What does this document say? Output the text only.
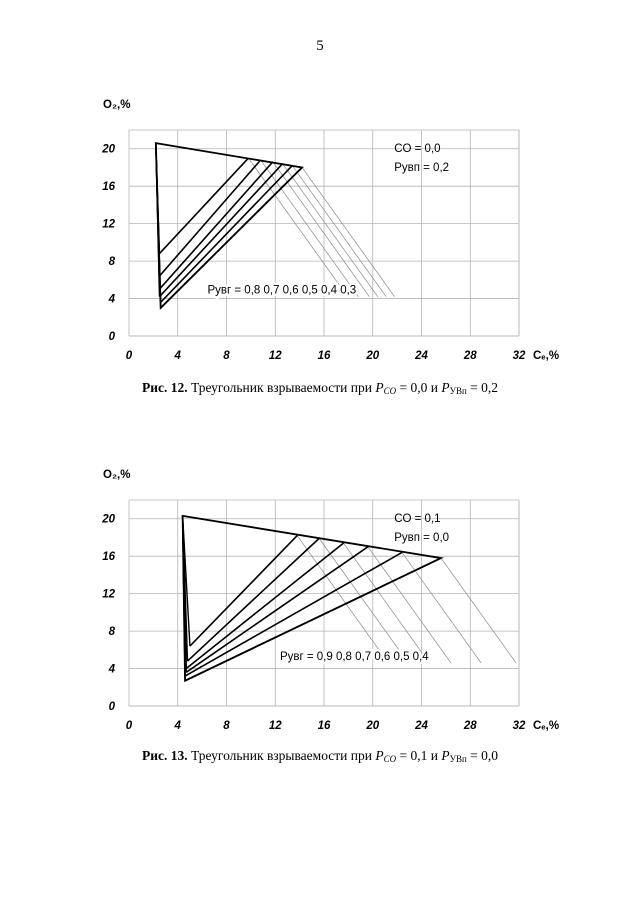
5
0
4
8
12
16
20
0	4	8	12	16	20	24	28	32
O₂,%
Cₑ,%
CO = 0,0
Pувп = 0,2
Pувг = 0,8 0,7 0,6 0,5 0,4 0,3
Рис. 12. Треугольник взрываемости при $P_{CO} = 0,0$ и $P_{УВп} = 0,2$
0
4
8
12
16
20
0	4	8	12	16	20	24	28	32
O₂,%
Cₑ,%
CO = 0,1
Pувп = 0,0
Pувг = 0,9 0,8 0,7 0,6 0,5 0,4
Рис. 13. Треугольник взрываемости при $P_{CO} = 0,1$ и $P_{УВп} = 0,0$
